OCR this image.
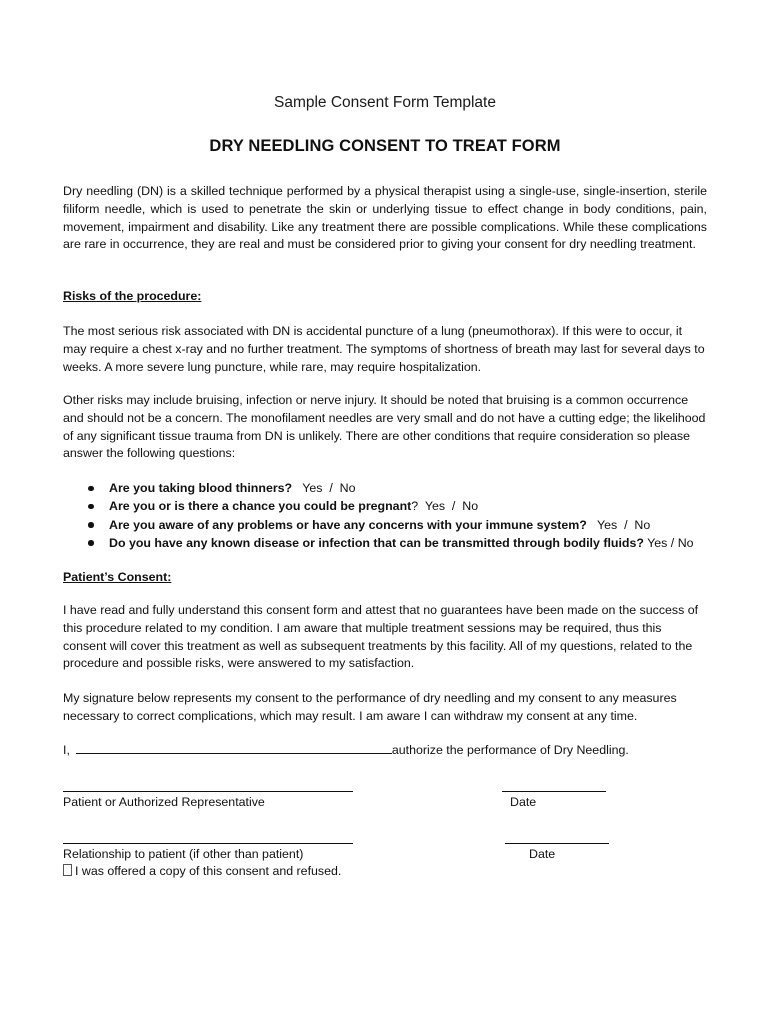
Sample Consent Form Template
DRY NEEDLING CONSENT TO TREAT FORM

Dry needling (DN) is a skilled technique performed by a physical therapist using a single-use, single-insertion, sterile filiform needle, which is used to penetrate the skin or underlying tissue to effect change in body conditions, pain, movement, impairment and disability. Like any treatment there are possible complications. While these complications are rare in occurrence, they are real and must be considered prior to giving your consent for dry needling treatment.

Risks of the procedure:

The most serious risk associated with DN is accidental puncture of a lung (pneumothorax). If this were to occur, it may require a chest x-ray and no further treatment. The symptoms of shortness of breath may last for several days to weeks. A more severe lung puncture, while rare, may require hospitalization.

Other risks may include bruising, infection or nerve injury. It should be noted that bruising is a common occurrence and should not be a concern. The monofilament needles are very small and do not have a cutting edge; the likelihood of any significant tissue trauma from DN is unlikely. There are other conditions that require consideration so please answer the following questions:

Are you taking blood thinners?   Yes  /  No
Are you or is there a chance you could be pregnant?  Yes  /  No
Are you aware of any problems or have any concerns with your immune system?   Yes  /  No
Do you have any known disease or infection that can be transmitted through bodily fluids? Yes / No

Patient’s Consent:

I have read and fully understand this consent form and attest that no guarantees have been made on the success of this procedure related to my condition. I am aware that multiple treatment sessions may be required, thus this consent will cover this treatment as well as subsequent treatments by this facility. All of my questions, related to the procedure and possible risks, were answered to my satisfaction.

My signature below represents my consent to the performance of dry needling and my consent to any measures necessary to correct complications, which may result. I am aware I can withdraw my consent at any time.

I,	authorize the performance of Dry Needling.
Patient or Authorized Representative	Date
Relationship to patient (if other than patient)	Date
I was offered a copy of this consent and refused.
